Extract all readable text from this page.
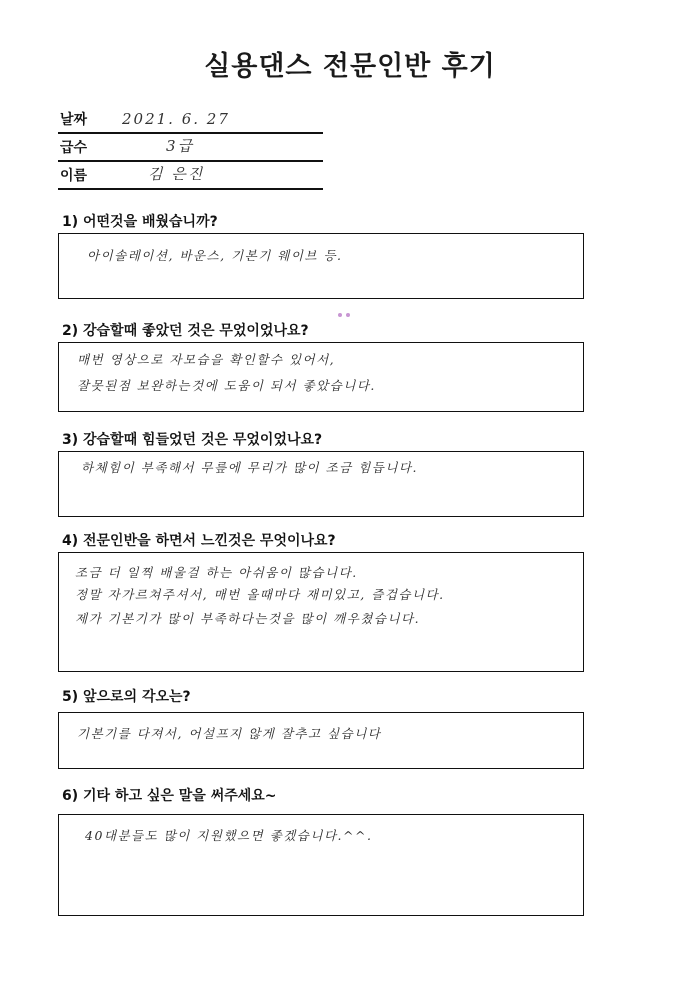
실용댄스 전문인반 후기
날짜 2021. 6. 27
급수	3급
이름	김 은진
1) 어떤것을 배웠습니까?
아이솔레이션, 바운스, 기본기 웨이브 등.
2) 강습할때 좋았던 것은 무었이었나요?
매번 영상으로 자모습을 확인할수 있어서,
잘못된점 보완하는것에 도움이 되서 좋았습니다.
3) 강습할때 힘들었던 것은 무었이었나요?
하체힘이 부족해서 무릎에 무리가 많이 조금 힘듭니다.
4) 전문인반을 하면서 느낀것은 무엇이나요?
조금 더 일찍 배울걸 하는 아쉬움이 많습니다.
정말 자가르쳐주셔서, 매번 올때마다 재미있고, 즐겁습니다.
제가 기본기가 많이 부족하다는것을 많이 깨우쳤습니다.
5) 앞으로의 각오는?
기본기를 다져서, 어설프지 않게 잘추고 싶습니다
6) 기타 하고 싶은 말을 써주세요~
40대분들도 많이 지원했으면 좋겠습니다.^^.
